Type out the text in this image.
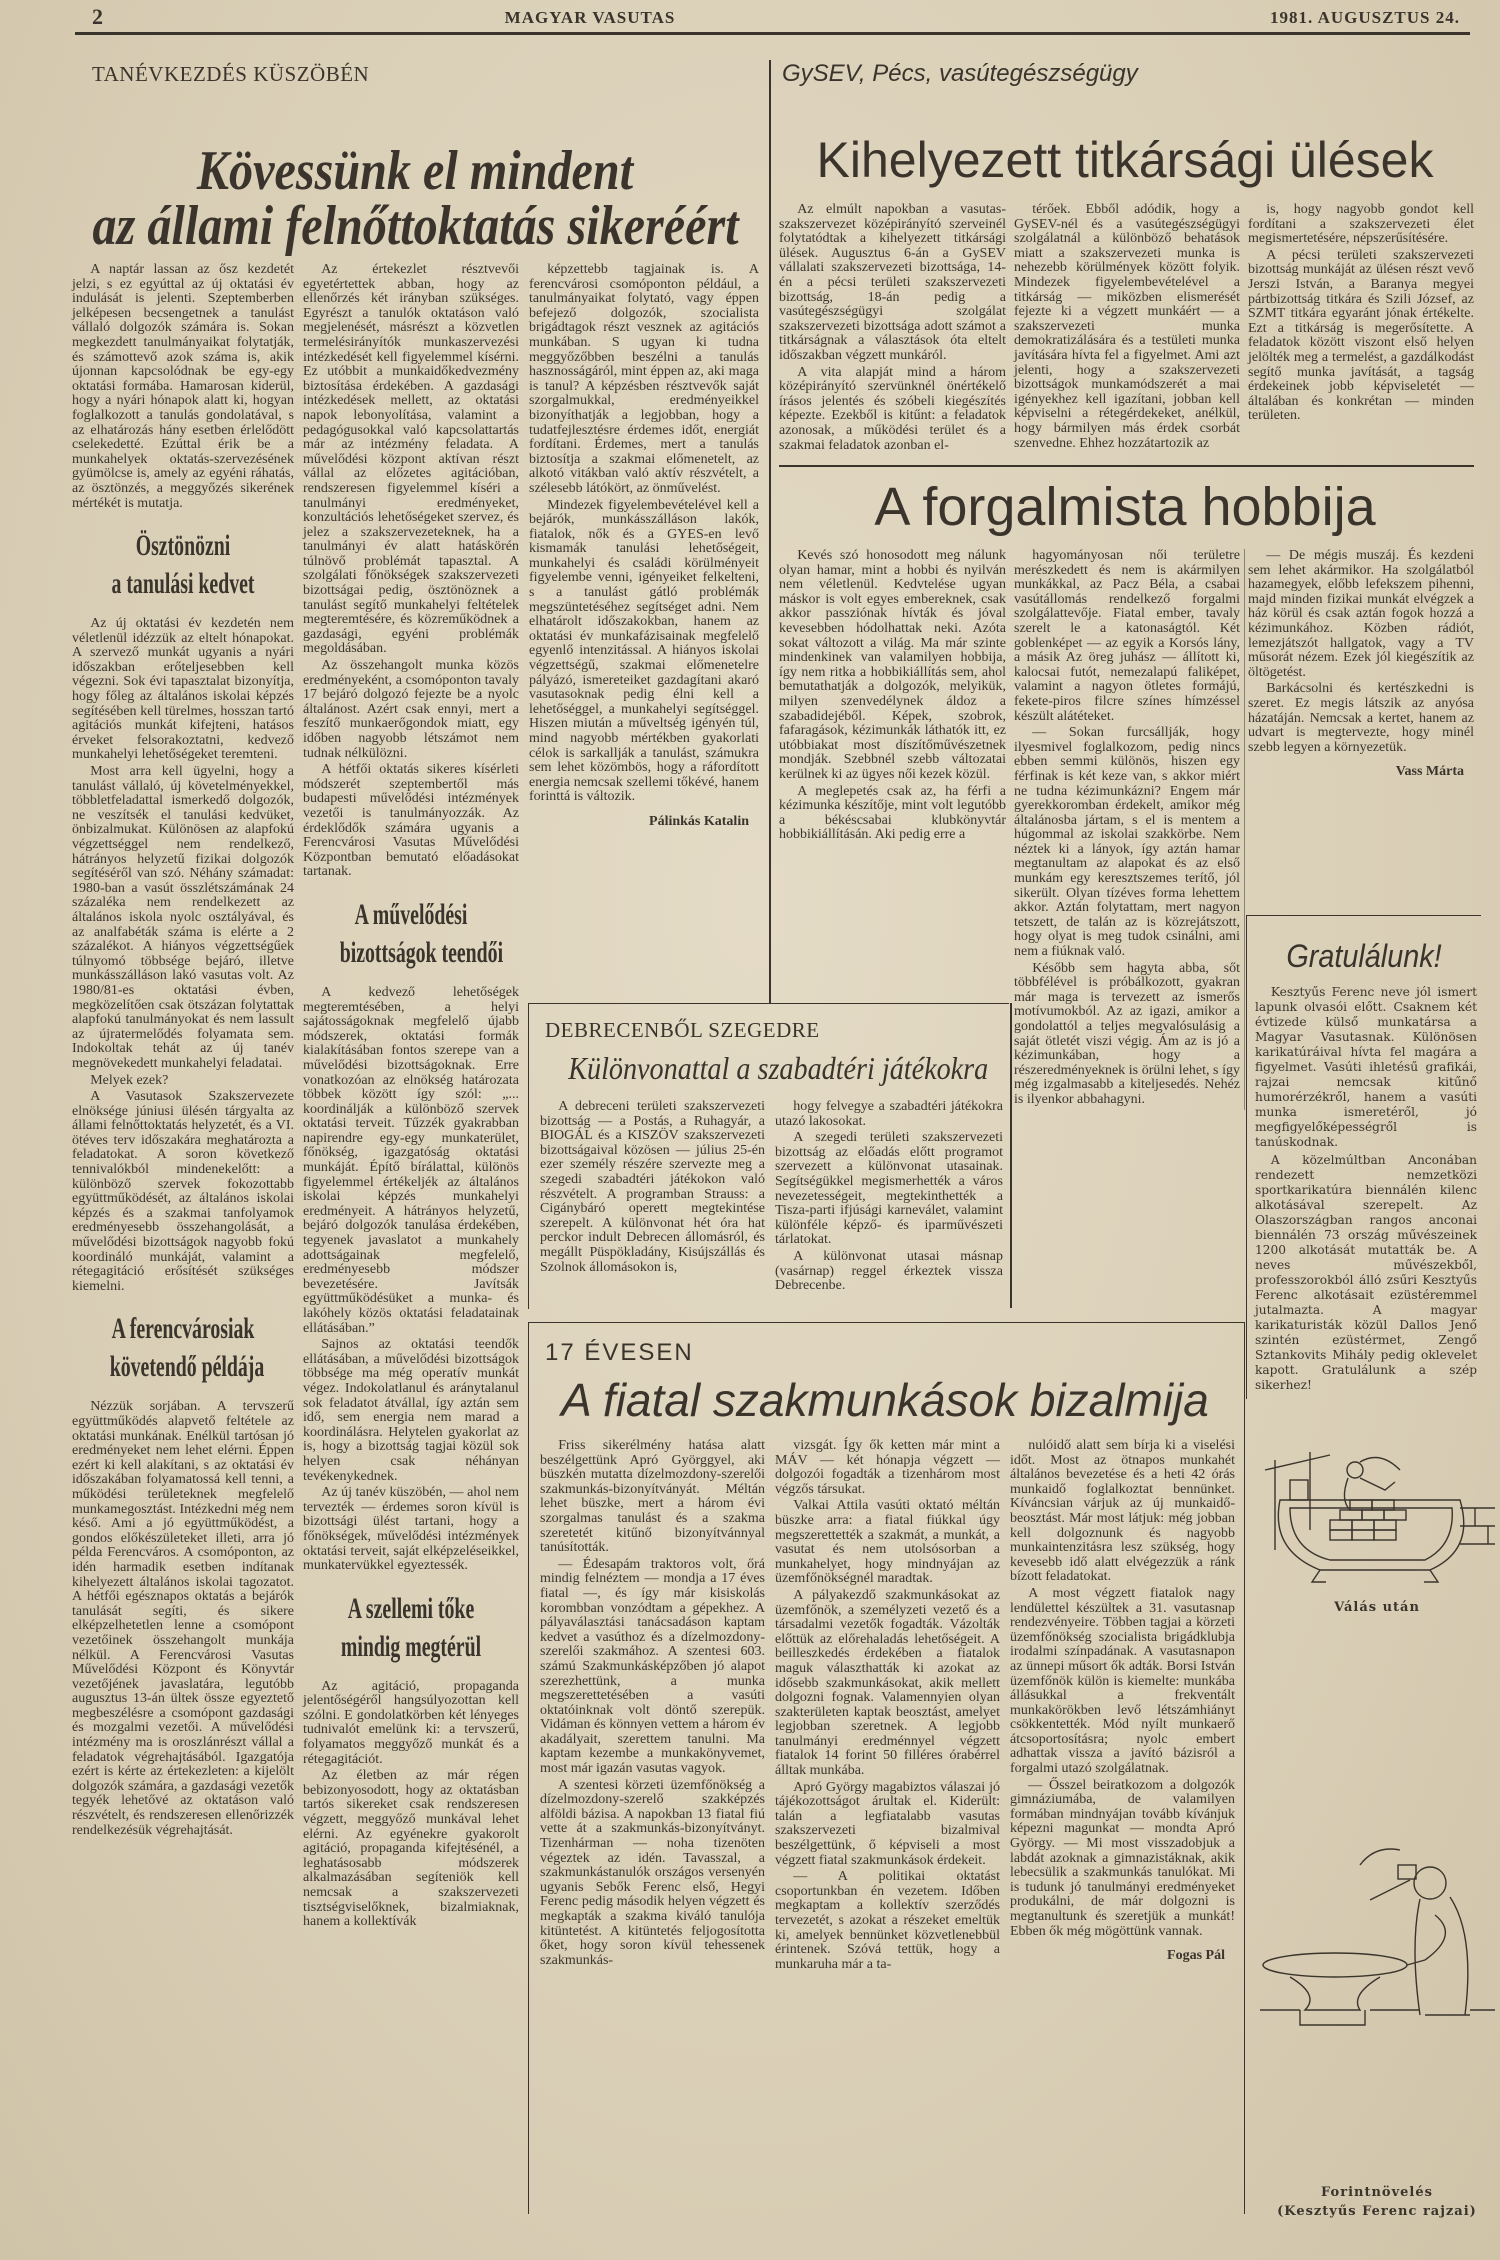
2	MAGYAR VASUTAS	1981. AUGUSZTUS 24.
TANÉVKEZDÉS KÜSZÖBÉN
Kövessünk el mindent
az állami felnőttoktatás sikeréért

A naptár lassan az ősz kezdetét jelzi, s ez egyúttal az új oktatási év indulását is jelenti. Szeptemberben jelképesen becsengetnek a tanulást vállaló dolgozók számára is. Sokan megkezdett tanulmányaikat folytatják, és számottevő azok száma is, akik újonnan kapcsolódnak be egy-egy oktatási formába. Hamarosan kiderül, hogy a nyári hónapok alatt ki, hogyan foglalkozott a tanulás gondolatával, s az elhatározás hány esetben érlelődött cselekedetté. Ezúttal érik be a munkahelyek oktatás-szervezésének gyümölcse is, amely az egyéni ráhatás, az ösztönzés, a meggyőzés sikerének mértékét is mutatja.

Ösztönözni
a tanulási kedvet

Az új oktatási év kezdetén nem véletlenül idézzük az eltelt hónapokat. A szervező munkát ugyanis a nyári időszakban erőteljesebben kell végezni. Sok évi tapasztalat bizonyítja, hogy főleg az általános iskolai képzés segítésében kell türelmes, hosszan tartó agitációs munkát kifejteni, hatásos érveket felsorakoztatni, kedvező munkahelyi lehetőségeket teremteni.

Most arra kell ügyelni, hogy a tanulást vállaló, új követelményekkel, többletfeladattal ismerkedő dolgozók, ne veszítsék el tanulási kedvüket, önbizalmukat. Különösen az alapfokú végzettséggel nem rendelkező, hátrányos helyzetű fizikai dolgozók segítéséről van szó. Néhány számadat: 1980-ban a vasút összlétszámának 24 százaléka nem rendelkezett az általános iskola nyolc osztályával, és az analfabéták száma is elérte a 2 százalékot. A hiányos végzettségűek túlnyomó többsége bejáró, illetve munkásszálláson lakó vasutas volt. Az 1980/81-es oktatási évben, megközelítően csak ötszázan folytattak alapfokú tanulmányokat és nem lassult az újratermelődés folyamata sem. Indokoltak tehát az új tanév megnövekedett munkahelyi feladatai.

Melyek ezek?

A Vasutasok Szakszervezete elnöksége júniusi ülésén tárgyalta az állami felnőttoktatás helyzetét, és a VI. ötéves terv időszakára meghatározta a feladatokat. A soron következő tennivalókból mindenekelőtt: a különböző szervek fokozottabb együttműködését, az általános iskolai képzés és a szakmai tanfolyamok eredményesebb összehangolását, a művelődési bizottságok nagyobb fokú koordináló munkáját, valamint a rétegagitáció erősítését szükséges kiemelni.

A ferencvárosiak
követendő példája

Nézzük sorjában. A tervszerű együttműködés alapvető feltétele az oktatási munkának. Enélkül tartósan jó eredményeket nem lehet elérni. Éppen ezért ki kell alakítani, s az oktatási év időszakában folyamatossá kell tenni, a működési területeknek megfelelő munkamegosztást. Intézkedni még nem késő. Ami a jó együttműködést, a gondos előkészületeket illeti, arra jó példa Ferencváros. A csomóponton, az idén harmadik esetben indítanak kihelyezett általános iskolai tagozatot. A hétfői egésznapos oktatás a bejárók tanulását segíti, és sikere elképzelhetetlen lenne a csomópont vezetőinek összehangolt munkája nélkül. A Ferencvárosi Vasutas Művelődési Központ és Könyvtár vezetőjének javaslatára, legutóbb augusztus 13-án ültek össze egyeztető megbeszélésre a csomópont gazdasági és mozgalmi vezetői. A művelődési intézmény ma is oroszlánrészt vállal a feladatok végrehajtásából. Igazgatója ezért is kérte az értekezleten: a kijelölt dolgozók számára, a gazdasági vezetők tegyék lehetővé az oktatáson való részvételt, és rendszeresen ellenőrizzék rendelkezésük végrehajtását.

Az értekezlet résztvevői egyetértettek abban, hogy az ellenőrzés két irányban szükséges. Egyrészt a tanulók oktatáson való megjelenését, másrészt a közvetlen termelésirányítók munkaszervezési intézkedését kell figyelemmel kísérni. Ez utóbbit a munkaidőkedvezmény biztosítása érdekében. A gazdasági intézkedések mellett, az oktatási napok lebonyolítása, valamint a pedagógusokkal való kapcsolattartás már az intézmény feladata. A művelődési központ aktívan részt vállal az előzetes agitációban, rendszeresen figyelemmel kíséri a tanulmányi eredményeket, konzultációs lehetőségeket szervez, és jelez a szakszervezeteknek, ha a tanulmányi év alatt hatáskörén túlnövő problémát tapasztal. A szolgálati főnökségek szakszervezeti bizottságai pedig, ösztönöznek a tanulást segítő munkahelyi feltételek megteremtésére, és közreműködnek a gazdasági, egyéni problémák megoldásában.

Az összehangolt munka közös eredményeként, a csomóponton tavaly 17 bejáró dolgozó fejezte be a nyolc általánost. Azért csak ennyi, mert a feszítő munkaerőgondok miatt, egy időben nagyobb létszámot nem tudnak nélkülözni.

A hétfői oktatás sikeres kísérleti módszerét szeptembertől más budapesti művelődési intézmények vezetői is tanulmányozzák. Az érdeklődők számára ugyanis a Ferencvárosi Vasutas Művelődési Központban bemutató előadásokat tartanak.

A művelődési
bizottságok teendői

A kedvező lehetőségek megteremtésében, a helyi sajátosságoknak megfelelő újabb módszerek, oktatási formák kialakításában fontos szerepe van a művelődési bizottságoknak. Erre vonatkozóan az elnökség határozata többek között így szól: „... koordinálják a különböző szervek oktatási terveit. Tűzzék gyakrabban napirendre egy-egy munkaterület, főnökség, igazgatóság oktatási munkáját. Építő bírálattal, különös figyelemmel értékeljék az általános iskolai képzés munkahelyi eredményeit. A hátrányos helyzetű, bejáró dolgozók tanulása érdekében, tegyenek javaslatot a munkahely adottságainak megfelelő, eredményesebb módszer bevezetésére. Javítsák együttműködésüket a munka- és lakóhely közös oktatási feladatainak ellátásában.”

Sajnos az oktatási teendők ellátásában, a művelődési bizottságok többsége ma még operatív munkát végez. Indokolatlanul és aránytalanul sok feladatot átvállal, így aztán sem idő, sem energia nem marad a koordinálásra. Helytelen gyakorlat az is, hogy a bizottság tagjai közül sok helyen csak néhányan tevékenykednek.

Az új tanév küszöbén, — ahol nem tervezték — érdemes soron kívül is bizottsági ülést tartani, hogy a főnökségek, művelődési intézmények oktatási terveit, saját elképzeléseikkel, munkatervükkel egyeztessék.

A szellemi tőke
mindig megtérül

Az agitáció, propaganda jelentőségéről hangsúlyozottan kell szólni. E gondolatkörben két lényeges tudnivalót emelünk ki: a tervszerű, folyamatos meggyőző munkát és a rétegagitációt.

Az életben az már régen bebizonyosodott, hogy az oktatásban tartós sikereket csak rendszeresen végzett, meggyőző munkával lehet elérni. Az egyénekre gyakorolt agitáció, propaganda kifejtésénél, a leghatásosabb módszerek alkalmazásában segíteniök kell nemcsak a szakszervezeti tisztségviselőknek, bizalmiaknak, hanem a kollektívák

képzettebb tagjainak is. A ferencvárosi csomóponton például, a tanulmányaikat folytató, vagy éppen befejező dolgozók, szocialista brigádtagok részt vesznek az agitációs munkában. S ugyan ki tudna meggyőzőbben beszélni a tanulás hasznosságáról, mint éppen az, aki maga is tanul? A képzésben résztvevők saját szorgalmukkal, eredményeikkel bizonyíthatják a legjobban, hogy a tudatfejlesztésre érdemes időt, energiát fordítani. Érdemes, mert a tanulás biztosítja a szakmai előmenetelt, az alkotó vitákban való aktív részvételt, a szélesebb látókört, az önművelést.

Mindezek figyelembevételével kell a bejárók, munkásszálláson lakók, fiatalok, nők és a GYES-en levő kismamák tanulási lehetőségeit, munkahelyi és családi körülményeit figyelembe venni, igényeiket felkelteni, s a tanulást gátló problémák megszüntetéséhez segítséget adni. Nem elhatárolt időszakokban, hanem az oktatási év munkafázisainak megfelelő egyenlő intenzitással. A hiányos iskolai végzettségű, szakmai előmenetelre pályázó, ismereteiket gazdagítani akaró vasutasoknak pedig élni kell a lehetőséggel, a munkahelyi segítséggel. Hiszen miután a műveltség igényén túl, mind nagyobb mértékben gyakorlati célok is sarkallják a tanulást, számukra sem lehet közömbös, hogy a ráfordított energia nemcsak szellemi tőkévé, hanem forinttá is változik.

Pálinkás Katalin
GySEV, Pécs, vasútegészségügy
Kihelyezett titkársági ülések

Az elmúlt napokban a vasutas-szakszervezet középirányító szerveinél folytatódtak a kihelyezett titkársági ülések. Augusztus 6-án a GySEV vállalati szakszervezeti bizottsága, 14-én a pécsi területi szakszervezeti bizottság, 18-án pedig a vasútegészségügyi szolgálat szakszervezeti bizottsága adott számot a titkárságnak a választások óta eltelt időszakban végzett munkáról.

A vita alapját mind a három középirányító szervünknél önértékelő írásos jelentés és szóbeli kiegészítés képezte. Ezekből is kitűnt: a feladatok azonosak, a működési terület és a szakmai feladatok azonban el-

térőek. Ebből adódik, hogy a GySEV-nél és a vasútegészségügyi szolgálatnál a különböző behatások miatt a szakszervezeti munka is nehezebb körülmények között folyik. Mindezek figyelembevételével a titkárság — miközben elismerését fejezte ki a végzett munkáért — a szakszervezeti munka demokratizálására és a testületi munka javítására hívta fel a figyelmet. Ami azt jelenti, hogy a szakszervezeti bizottságok munkamódszerét a mai igényekhez kell igazítani, jobban kell képviselni a rétegérdekeket, anélkül, hogy bármilyen más érdek csorbát szenvedne. Ehhez hozzátartozik az

is, hogy nagyobb gondot kell fordítani a szakszervezeti élet megismertetésére, népszerűsítésére.

A pécsi területi szakszervezeti bizottság munkáját az ülésen részt vevő Jerszi István, a Baranya megyei pártbizottság titkára és Szili József, az SZMT titkára egyaránt jónak értékelte. Ezt a titkárság is megerősítette. A feladatok között viszont első helyen jelölték meg a termelést, a gazdálkodást segítő munka javítását, a tagság érdekeinek jobb képviseletét — általában és konkrétan — minden területen.

A forgalmista hobbija

Kevés szó honosodott meg nálunk olyan hamar, mint a hobbi és nyilván nem véletlenül. Kedvtelése ugyan máskor is volt egyes embereknek, csak akkor passziónak hívták és jóval kevesebben hódolhattak neki. Azóta sokat változott a világ. Ma már szinte mindenkinek van valamilyen hobbija, így nem ritka a hobbikiállítás sem, ahol bemutathatják a dolgozók, melyikük, milyen szenvedélynek áldoz a szabadidejéből. Képek, szobrok, fafaragások, kézimunkák láthatók itt, ez utóbbiakat most díszítőművészetnek mondják. Szebbnél szebb változatai kerülnek ki az ügyes női kezek közül.

A meglepetés csak az, ha férfi a kézimunka készítője, mint volt legutóbb a békéscsabai klubkönyvtár hobbikiállításán. Aki pedig erre a

hagyományosan női területre merészkedett és nem is akármilyen munkákkal, az Pacz Béla, a csabai vasútállomás rendelkező forgalmi szolgálattevője. Fiatal ember, tavaly szerelt le a katonaságtól. Két goblenképet — az egyik a Korsós lány, a másik Az öreg juhász — állított ki, kalocsai futót, nemezalapú faliképet, valamint a nagyon ötletes formájú, fekete-piros filcre színes hímzéssel készült alátéteket.

— Sokan furcsállják, hogy ilyesmivel foglalkozom, pedig nincs ebben semmi különös, hiszen egy férfinak is két keze van, s akkor miért ne tudna kézimunkázni? Engem már gyerekkoromban érdekelt, amikor még általánosba jártam, s el is mentem a húgommal az iskolai szakkörbe. Nem néztek ki a lányok, így aztán hamar megtanultam az alapokat és az első munkám egy keresztszemes terítő, jól sikerült. Olyan tízéves forma lehettem akkor. Aztán folytattam, mert nagyon tetszett, de talán az is közrejátszott, hogy olyat is meg tudok csinálni, ami nem a fiúknak való.

Később sem hagyta abba, sőt többfélével is próbálkozott, gyakran már maga is tervezett az ismerős motívumokból. Az az igazi, amikor a gondolattól a teljes megvalósulásig a saját ötletét viszi végig. Ám az is jó a kézimunkában, hogy a részeredményeknek is örülni lehet, s így még izgalmasabb a kiteljesedés. Nehéz is ilyenkor abbahagyni.

— De mégis muszáj. És kezdeni sem lehet akármikor. Ha szolgálatból hazamegyek, előbb lefekszem pihenni, majd minden fizikai munkát elvégzek a ház körül és csak aztán fogok hozzá a kézimunkához. Közben rádiót, lemezjátszót hallgatok, vagy a TV műsorát nézem. Ezek jól kiegészítik az öltögetést.

Barkácsolni és kertészkedni is szeret. Ez megis látszik az anyósa házatáján. Nemcsak a kertet, hanem az udvart is megtervezte, hogy minél szebb legyen a környezetük.

Vass Márta
Gratulálunk!

Kesztyűs Ferenc neve jól ismert lapunk olvasói előtt. Csaknem két évtizede külső munkatársa a Magyar Vasutasnak. Különösen karikatúráival hívta fel magára a figyelmet. Vasúti ihletésű grafikái, rajzai nemcsak kitűnő humorérzékről, hanem a vasúti munka ismeretéről, jó megfigyelőképességről is tanúskodnak.

A közelmúltban Anconában rendezett nemzetközi sportkarikatúra biennálén kilenc alkotásával szerepelt. Az Olaszországban rangos anconai biennálén 73 ország művészeinek 1200 alkotását mutatták be. A neves művészekből, professzorokból álló zsűri Kesztyűs Ferenc alkotásait ezüstéremmel jutalmazta. A magyar karikaturisták közül Dallos Jenő szintén ezüstérmet, Zengő Sztankovits Mihály pedig oklevelet kapott. Gratulálunk a szép sikerhez!

Válás után
Forintnövelés
(Kesztyűs Ferenc rajzai)
DEBRECENBŐL SZEGEDRE
Különvonattal a szabadtéri játékokra

A debreceni területi szakszervezeti bizottság — a Postás, a Ruhagyár, a BIOGÁL és a KISZÖV szakszervezeti bizottságaival közösen — július 25-én ezer személy részére szervezte meg a szegedi szabadtéri játékokon való részvételt. A programban Strauss: a Cigánybáró operett megtekintése szerepelt. A különvonat hét óra hat perckor indult Debrecen állomásról, és megállt Püspökladány, Kisújszállás és Szolnok állomásokon is,

hogy felvegye a szabadtéri játékokra utazó lakosokat.

A szegedi területi szakszervezeti bizottság az előadás előtt programot szervezett a különvonat utasainak. Segítségükkel megismerhették a város nevezetességeit, megtekinthették a Tisza-parti ifjúsági karneválet, valamint különféle képző- és iparművészeti tárlatokat.

A különvonat utasai másnap (vasárnap) reggel érkeztek vissza Debrecenbe.

17 ÉVESEN
A fiatal szakmunkások bizalmija

Friss sikerélmény hatása alatt beszélgettünk Apró Györggyel, aki büszkén mutatta dízelmozdony-szerelői szakmunkás-bizonyítványát. Méltán lehet büszke, mert a három évi szorgalmas tanulást és a szakma szeretetét kitűnő bizonyítvánnyal tanúsították.

— Édesapám traktoros volt, őrá mindig felnéztem — mondja a 17 éves fiatal —, és így már kisiskolás korombban vonzódtam a gépekhez. A pályaválasztási tanácsadáson kaptam kedvet a vasúthoz és a dízelmozdony-szerelői szakmához. A szentesi 603. számú Szakmunkásképzőben jó alapot szerezhettünk, a munka megszerettetésében a vasúti oktatóinknak volt döntő szerepük. Vidáman és könnyen vettem a három év akadályait, szerettem tanulni. Ma kaptam kezembe a munkakönyvemet, most már igazán vasutas vagyok.

A szentesi körzeti üzemfőnökség a dízelmozdony-szerelő szakképzés alföldi bázisa. A napokban 13 fiatal fiú vette át a szakmunkás-bizonyítványt. Tizenhárman — noha tizenöten végeztek az idén. Tavasszal, a szakmunkástanulók országos versenyén ugyanis Sebők Ferenc első, Hegyi Ferenc pedig második helyen végzett és megkapták a szakma kiváló tanulója kitüntetést. A kitüntetés feljogosította őket, hogy soron kívül tehessenek szakmunkás-

vizsgát. Így ők ketten már mint a MÁV — két hónapja végzett — dolgozói fogadták a tizenhárom most végzős társukat.

Valkai Attila vasúti oktató méltán büszke arra: a fiatal fiúkkal úgy megszerettették a szakmát, a munkát, a vasutat és nem utolsósorban a munkahelyet, hogy mindnyájan az üzemfőnökségnél maradtak.

A pályakezdő szakmunkásokat az üzemfőnök, a személyzeti vezető és a társadalmi vezetők fogadták. Vázolták előttük az előrehaladás lehetőségeit. A beilleszkedés érdekében a fiatalok maguk választhatták ki azokat az idősebb szakmunkásokat, akik mellett dolgozni fognak. Valamennyien olyan szakterületen kaptak beosztást, amelyet legjobban szeretnek. A legjobb tanulmányi eredménnyel végzett fiatalok 14 forint 50 filléres órabérrel álltak munkába.

Apró György magabiztos válaszai jó tájékozottságot árultak el. Kiderült: talán a legfiatalabb vasutas szakszervezeti bizalmival beszélgettünk, ő képviseli a most végzett fiatal szakmunkások érdekeit.

— A politikai oktatást csoportunkban én vezetem. Időben megkaptam a kollektív szerződés tervezetét, s azokat a részeket emeltük ki, amelyek bennünket közvetlenebbül érintenek. Szóvá tettük, hogy a munkaruha már a ta-

nulóidő alatt sem bírja ki a viselési időt. Most az ötnapos munkahét általános bevezetése és a heti 42 órás munkaidő foglalkoztat bennünket. Kíváncsian várjuk az új munkaidő-beosztást. Már most látjuk: még jobban kell dolgoznunk és nagyobb munkaintenzitásra lesz szükség, hogy kevesebb idő alatt elvégezzük a ránk bízott feladatokat.

A most végzett fiatalok nagy lendülettel készültek a 31. vasutasnap rendezvényeire. Többen tagjai a körzeti üzemfőnökség szocialista brigádklubja irodalmi színpadának. A vasutasnapon az ünnepi műsort ők adták. Borsi István üzemfőnök külön is kiemelte: munkába állásukkal a frekventált munkakörökben levő létszámhiányt csökkentették. Mód nyílt munkaerő átcsoportosításra; nyolc embert adhattak vissza a javító bázisról a forgalmi utazó szolgálatnak.

— Ősszel beiratkozom a dolgozók gimnáziumába, de valamilyen formában mindnyájan tovább kívánjuk képezni magunkat — mondta Apró György. — Mi most visszadobjuk a labdát azoknak a gimnazistáknak, akik lebecsülik a szakmunkás tanulókat. Mi is tudunk jó tanulmányi eredményeket produkálni, de már dolgozni is megtanultunk és szeretjük a munkát! Ebben ők még mögöttünk vannak.

Fogas Pál
